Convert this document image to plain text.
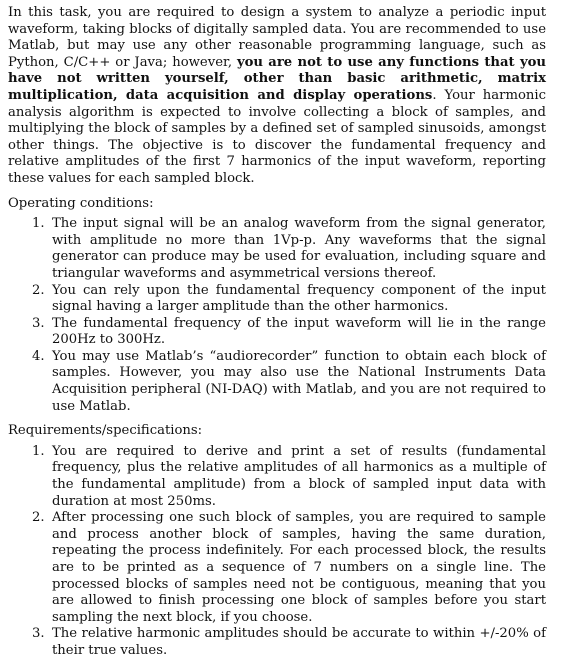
In this task, you are required to design a system to analyze a periodic input waveform, taking blocks of digitally sampled data. You are recommended to use Matlab, but may use any other reasonable programming language, such as Python, C/C++ or Java; however, you are not to use any functions that you have not written yourself, other than basic arithmetic, matrix multiplication, data acquisition and display operations. Your harmonic analysis algorithm is expected to involve collecting a block of samples, and multiplying the block of samples by a defined set of sampled sinusoids, amongst other things. The objective is to discover the fundamental frequency and relative amplitudes of the first 7 harmonics of the input waveform, reporting these values for each sampled block.

Operating conditions:

1. The input signal will be an analog waveform from the signal generator, with amplitude no more than 1Vp-p. Any waveforms that the signal generator can produce may be used for evaluation, including square and triangular waveforms and asymmetrical versions thereof.
2. You can rely upon the fundamental frequency component of the input signal having a larger amplitude than the other harmonics.
3. The fundamental frequency of the input waveform will lie in the range 200Hz to 300Hz.
4. You may use Matlab’s “audiorecorder” function to obtain each block of samples. However, you may also use the National Instruments Data Acquisition peripheral (NI-DAQ) with Matlab, and you are not required to use Matlab.

Requirements/specifications:

1. You are required to derive and print a set of results (fundamental frequency, plus the relative amplitudes of all harmonics as a multiple of the fundamental amplitude) from a block of sampled input data with duration at most 250ms.
2. After processing one such block of samples, you are required to sample and process another block of samples, having the same duration, repeating the process indefinitely. For each processed block, the results are to be printed as a sequence of 7 numbers on a single line. The processed blocks of samples need not be contiguous, meaning that you are allowed to finish processing one block of samples before you start sampling the next block, if you choose.
3. The relative harmonic amplitudes should be accurate to within +/-20% of their true values.
